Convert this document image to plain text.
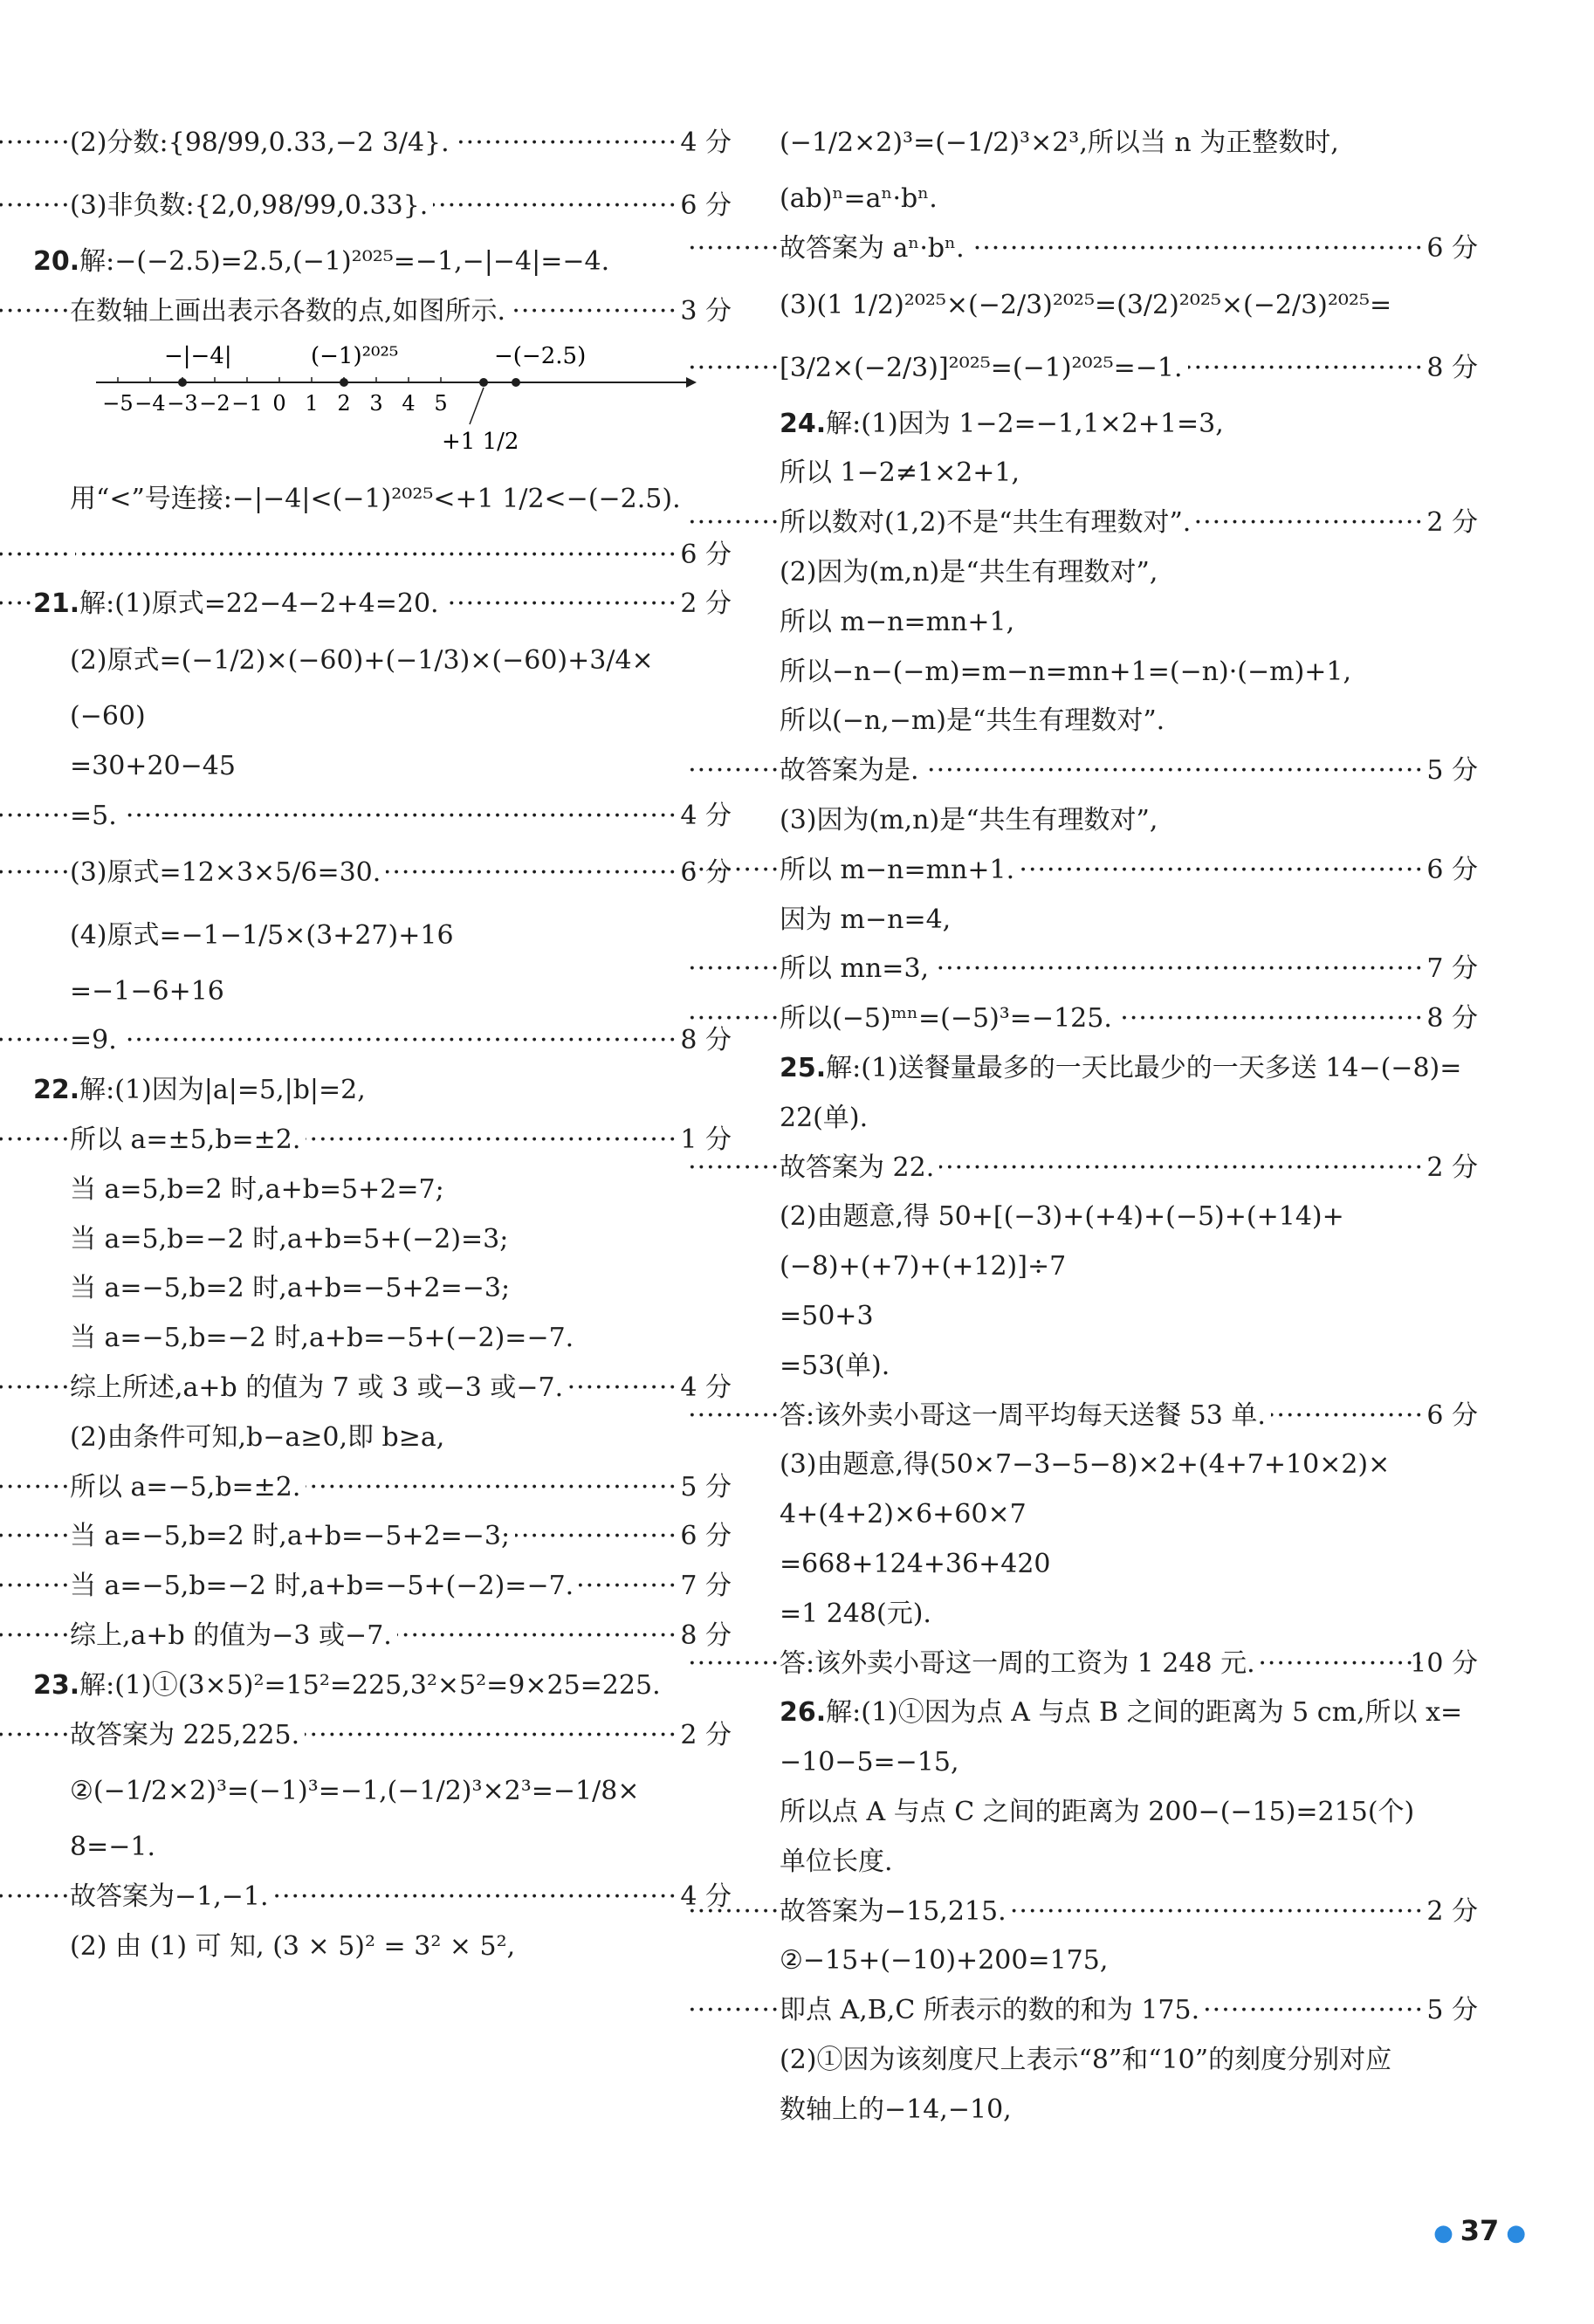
(2)分数:{98/99,0.33,−2 3/4}.	4 分
·····
(3)非负数:{2,0,98/99,0.33}.	6 分
·····
20.解:−(−2.5)=2.5,(−1)²⁰²⁵=−1,−|−4|=−4.
在数轴上画出表示各数的点,如图所示.	3 分
·····
−5 −4 −3 −2 −1 0 1 2 3 4 5
−|−4|	(−1)²⁰²⁵	−(−2.5)
+1 1/2
用“<”号连接:−|−4|<(−1)²⁰²⁵<+1 1/2<−(−2.5).
6 分
·····
21.解:(1)原式=22−4−2+4=20.	2 分
·····
(2)原式=(−1/2)×(−60)+(−1/3)×(−60)+3/4×
(−60)
=30+20−45
=5.	4 分
·····
(3)原式=12×3×5/6=30.	6 分
·····
(4)原式=−1−1/5×(3+27)+16
=−1−6+16
=9.	8 分
·····
22.解:(1)因为|a|=5,|b|=2,
所以 a=±5,b=±2.	1 分
·····
当 a=5,b=2 时,a+b=5+2=7;
当 a=5,b=−2 时,a+b=5+(−2)=3;
当 a=−5,b=2 时,a+b=−5+2=−3;
当 a=−5,b=−2 时,a+b=−5+(−2)=−7.
综上所述,a+b 的值为 7 或 3 或−3 或−7.	4 分
·····
(2)由条件可知,b−a≥0,即 b≥a,
所以 a=−5,b=±2.	5 分
·····
当 a=−5,b=2 时,a+b=−5+2=−3;	6 分
·····
当 a=−5,b=−2 时,a+b=−5+(−2)=−7.	7 分
·····
综上,a+b 的值为−3 或−7.	8 分
·····
23.解:(1)①(3×5)²=15²=225,3²×5²=9×25=225.
故答案为 225,225.	2 分
·····
②(−1/2×2)³=(−1)³=−1,(−1/2)³×2³=−1/8×
8=−1.
故答案为−1,−1.	4 分
·····
(2) 由 (1) 可 知, (3 × 5)² = 3² × 5²,
(−1/2×2)³=(−1/2)³×2³,所以当 n 为正整数时,
(ab)ⁿ=aⁿ·bⁿ.
故答案为 aⁿ·bⁿ.	6 分
·····
(3)(1 1/2)²⁰²⁵×(−2/3)²⁰²⁵=(3/2)²⁰²⁵×(−2/3)²⁰²⁵=
[3/2×(−2/3)]²⁰²⁵=(−1)²⁰²⁵=−1.	8 分
·····
24.解:(1)因为 1−2=−1,1×2+1=3,
所以 1−2≠1×2+1,
所以数对(1,2)不是“共生有理数对”.	2 分
·····
(2)因为(m,n)是“共生有理数对”,
所以 m−n=mn+1,
所以−n−(−m)=m−n=mn+1=(−n)·(−m)+1,
所以(−n,−m)是“共生有理数对”.
故答案为是.	5 分
·····
(3)因为(m,n)是“共生有理数对”,
所以 m−n=mn+1.	6 分
·····
因为 m−n=4,
所以 mn=3,	7 分
·····
所以(−5)ᵐⁿ=(−5)³=−125.	8 分
·····
25.解:(1)送餐量最多的一天比最少的一天多送 14−(−8)=
22(单).
故答案为 22.	2 分
·····
(2)由题意,得 50+[(−3)+(+4)+(−5)+(+14)+
(−8)+(+7)+(+12)]÷7
=50+3
=53(单).
答:该外卖小哥这一周平均每天送餐 53 单.	6 分
·····
(3)由题意,得(50×7−3−5−8)×2+(4+7+10×2)×
4+(4+2)×6+60×7
=668+124+36+420
=1 248(元).
答:该外卖小哥这一周的工资为 1 248 元.	10 分
·····
26.解:(1)①因为点 A 与点 B 之间的距离为 5 cm,所以 x=
−10−5=−15,
所以点 A 与点 C 之间的距离为 200−(−15)=215(个)
单位长度.
故答案为−15,215.	2 分
·····
②−15+(−10)+200=175,
即点 A,B,C 所表示的数的和为 175.	5 分
·····
(2)①因为该刻度尺上表示“8”和“10”的刻度分别对应
数轴上的−14,−10,
● 37 ●
